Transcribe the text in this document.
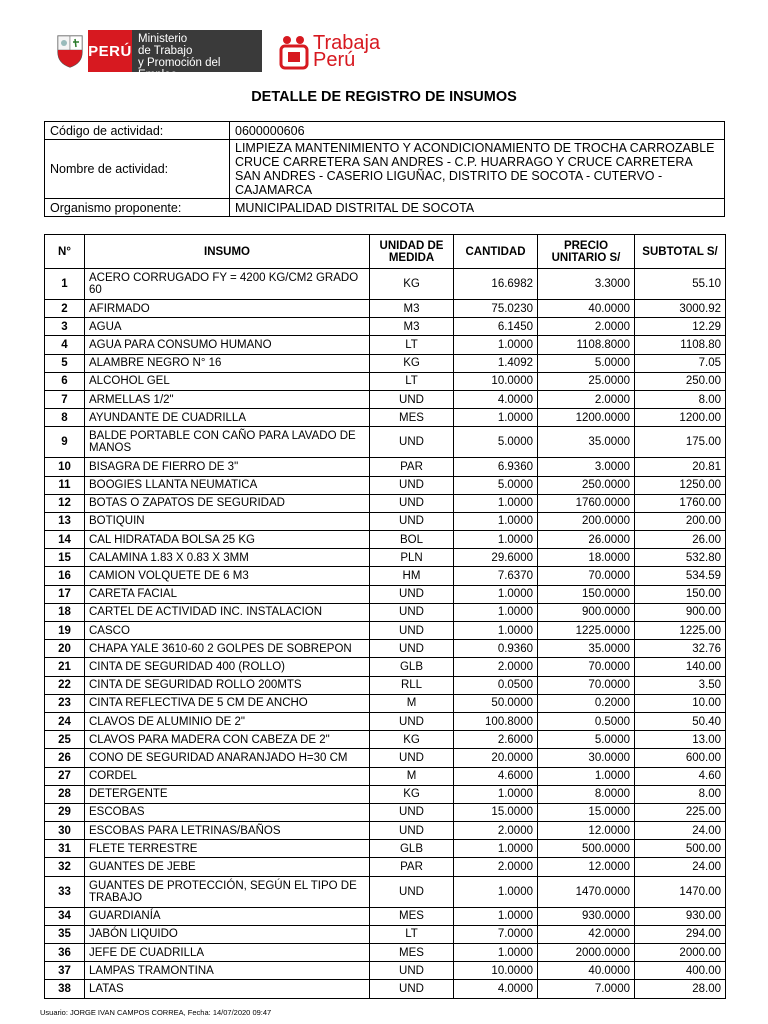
PERÚ
Ministerio
de Trabajo
y Promoción del Empleo
Trabaja
Perú
DETALLE DE REGISTRO DE INSUMOS
Código de actividad:	0600000606
Nombre de actividad:	LIMPIEZA MANTENIMIENTO Y ACONDICIONAMIENTO DE TROCHA CARROZABLE CRUCE CARRETERA SAN ANDRES - C.P. HUARRAGO Y CRUCE CARRETERA SAN ANDRES - CASERIO LIGUÑAC, DISTRITO DE SOCOTA - CUTERVO - CAJAMARCA
Organismo proponente:	MUNICIPALIDAD DISTRITAL DE SOCOTA
N°	INSUMO	UNIDAD DE MEDIDA	CANTIDAD	PRECIO UNITARIO S/	SUBTOTAL S/
1	ACERO CORRUGADO FY = 4200 KG/CM2 GRADO 60	KG	16.6982	3.3000	55.10
2	AFIRMADO	M3	75.0230	40.0000	3000.92
3	AGUA	M3	6.1450	2.0000	12.29
4	AGUA PARA CONSUMO HUMANO	LT	1.0000	1108.8000	1108.80
5	ALAMBRE NEGRO N° 16	KG	1.4092	5.0000	7.05
6	ALCOHOL GEL	LT	10.0000	25.0000	250.00
7	ARMELLAS 1/2"	UND	4.0000	2.0000	8.00
8	AYUNDANTE DE CUADRILLA	MES	1.0000	1200.0000	1200.00
9	BALDE PORTABLE CON CAÑO PARA LAVADO DE MANOS	UND	5.0000	35.0000	175.00
10	BISAGRA DE FIERRO DE 3"	PAR	6.9360	3.0000	20.81
11	BOOGIES LLANTA NEUMATICA	UND	5.0000	250.0000	1250.00
12	BOTAS O ZAPATOS DE SEGURIDAD	UND	1.0000	1760.0000	1760.00
13	BOTIQUIN	UND	1.0000	200.0000	200.00
14	CAL HIDRATADA BOLSA 25 KG	BOL	1.0000	26.0000	26.00
15	CALAMINA 1.83 X 0.83 X 3MM	PLN	29.6000	18.0000	532.80
16	CAMION VOLQUETE DE 6 M3	HM	7.6370	70.0000	534.59
17	CARETA FACIAL	UND	1.0000	150.0000	150.00
18	CARTEL DE ACTIVIDAD INC. INSTALACION	UND	1.0000	900.0000	900.00
19	CASCO	UND	1.0000	1225.0000	1225.00
20	CHAPA YALE 3610-60 2 GOLPES DE SOBREPON	UND	0.9360	35.0000	32.76
21	CINTA DE SEGURIDAD 400 (ROLLO)	GLB	2.0000	70.0000	140.00
22	CINTA DE SEGURIDAD ROLLO 200MTS	RLL	0.0500	70.0000	3.50
23	CINTA REFLECTIVA DE 5 CM DE ANCHO	M	50.0000	0.2000	10.00
24	CLAVOS DE ALUMINIO DE 2"	UND	100.8000	0.5000	50.40
25	CLAVOS PARA MADERA CON CABEZA DE 2"	KG	2.6000	5.0000	13.00
26	CONO DE SEGURIDAD ANARANJADO H=30 CM	UND	20.0000	30.0000	600.00
27	CORDEL	M	4.6000	1.0000	4.60
28	DETERGENTE	KG	1.0000	8.0000	8.00
29	ESCOBAS	UND	15.0000	15.0000	225.00
30	ESCOBAS PARA LETRINAS/BAÑOS	UND	2.0000	12.0000	24.00
31	FLETE TERRESTRE	GLB	1.0000	500.0000	500.00
32	GUANTES DE JEBE	PAR	2.0000	12.0000	24.00
33	GUANTES DE PROTECCIÓN, SEGÚN EL TIPO DE TRABAJO	UND	1.0000	1470.0000	1470.00
34	GUARDIANÍA	MES	1.0000	930.0000	930.00
35	JABÓN LIQUIDO	LT	7.0000	42.0000	294.00
36	JEFE DE CUADRILLA	MES	1.0000	2000.0000	2000.00
37	LAMPAS TRAMONTINA	UND	10.0000	40.0000	400.00
38	LATAS	UND	4.0000	7.0000	28.00
Usuario: JORGE IVAN CAMPOS CORREA, Fecha: 14/07/2020 09:47
